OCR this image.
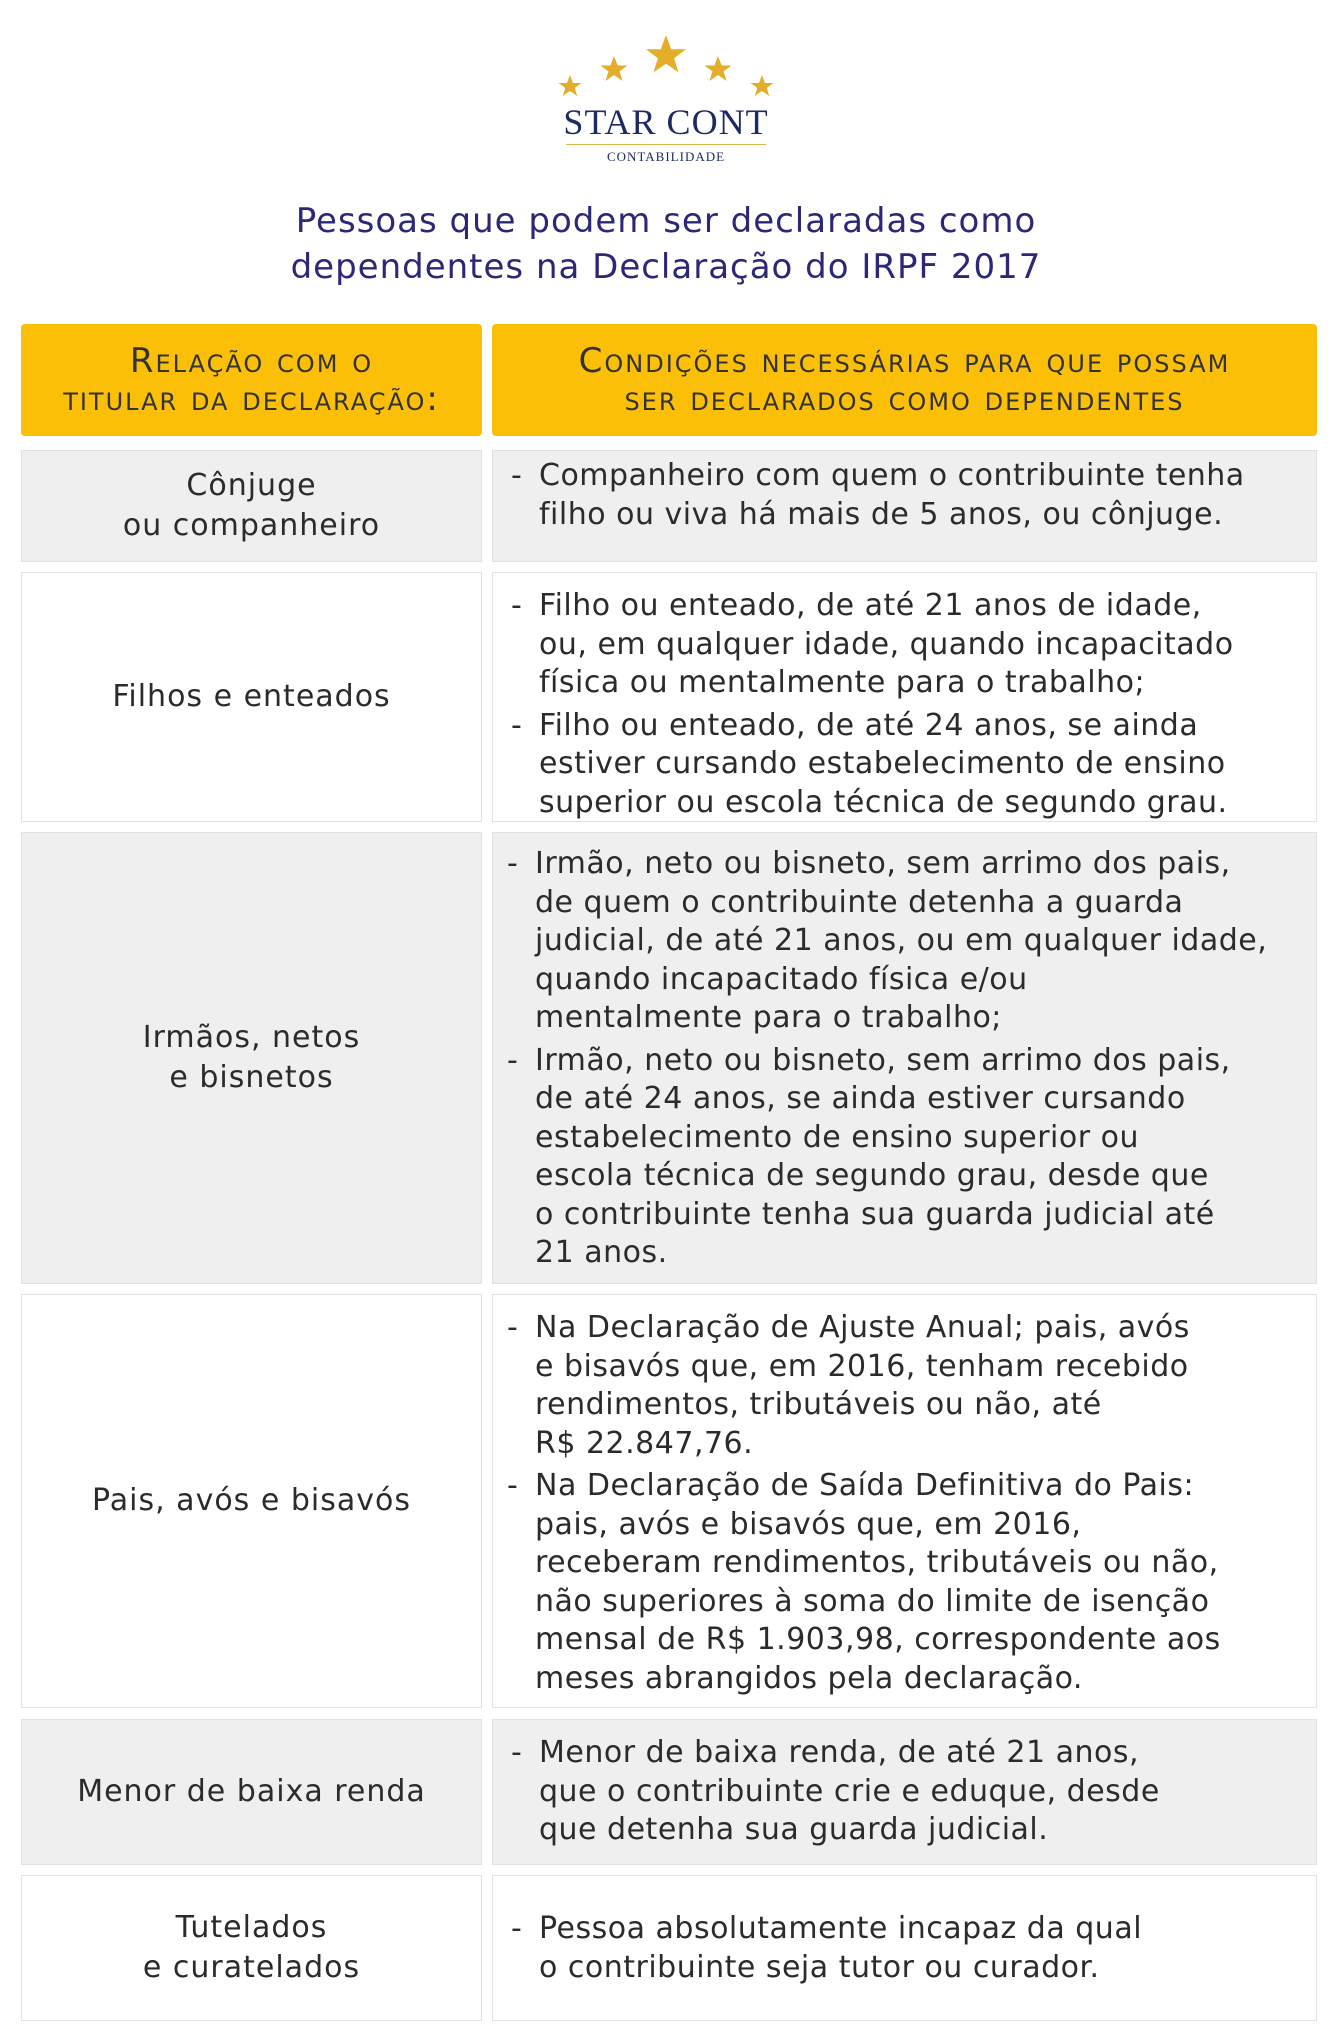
STAR CONT
CONTABILIDADE
Pessoas que podem ser declaradas como
dependentes na Declaração do IRPF 2017
Relação com o
titular da declaração:
Condições necessárias para que possam
ser declarados como dependentes
Cônjuge
ou companheiro
- Companheiro com quem o contribuinte tenha
filho ou viva há mais de 5 anos, ou cônjuge.
Filhos e enteados
- Filho ou enteado, de até 21 anos de idade,
ou, em qualquer idade, quando incapacitado
física ou mentalmente para o trabalho;
- Filho ou enteado, de até 24 anos, se ainda
estiver cursando estabelecimento de ensino
superior ou escola técnica de segundo grau.
Irmãos, netos
e bisnetos
- Irmão, neto ou bisneto, sem arrimo dos pais,
de quem o contribuinte detenha a guarda
judicial, de até 21 anos, ou em qualquer idade,
quando incapacitado física e/ou
mentalmente para o trabalho;
- Irmão, neto ou bisneto, sem arrimo dos pais,
de até 24 anos, se ainda estiver cursando
estabelecimento de ensino superior ou
escola técnica de segundo grau, desde que
o contribuinte tenha sua guarda judicial até
21 anos.
Pais, avós e bisavós
- Na Declaração de Ajuste Anual; pais, avós
e bisavós que, em 2016, tenham recebido
rendimentos, tributáveis ou não, até
R$ 22.847,76.
- Na Declaração de Saída Definitiva do Pais:
pais, avós e bisavós que, em 2016,
receberam rendimentos, tributáveis ou não,
não superiores à soma do limite de isenção
mensal de R$ 1.903,98, correspondente aos
meses abrangidos pela declaração.
Menor de baixa renda
- Menor de baixa renda, de até 21 anos,
que o contribuinte crie e eduque, desde
que detenha sua guarda judicial.
Tutelados
e curatelados
- Pessoa absolutamente incapaz da qual
o contribuinte seja tutor ou curador.
